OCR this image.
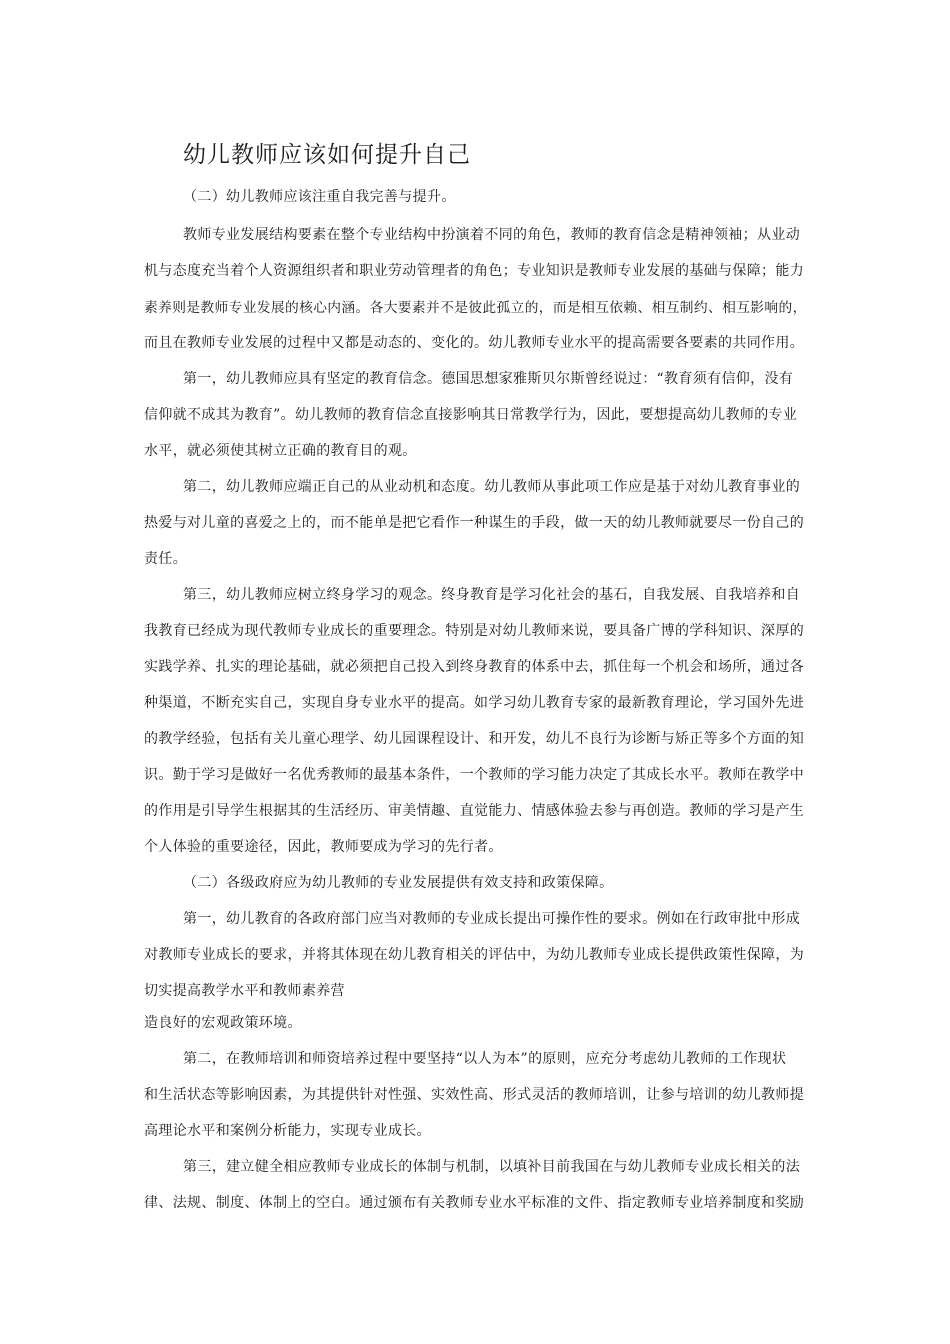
幼儿教师应该如何提升自己

（二）幼儿教师应该注重自我完善与提升。

教师专业发展结构要素在整个专业结构中扮演着不同的角色，教师的教育信念是精神领袖；从业动

机与态度充当着个人资源组织者和职业劳动管理者的角色；专业知识是教师专业发展的基础与保障；能力

素养则是教师专业发展的核心内涵。各大要素并不是彼此孤立的，而是相互依赖、相互制约、相互影响的，

而且在教师专业发展的过程中又都是动态的、变化的。幼儿教师专业水平的提高需要各要素的共同作用。

第一，幼儿教师应具有坚定的教育信念。德国思想家雅斯贝尔斯曾经说过：“教育须有信仰，没有

信仰就不成其为教育”。幼儿教师的教育信念直接影响其日常教学行为，因此，要想提高幼儿教师的专业

水平，就必须使其树立正确的教育目的观。

第二，幼儿教师应端正自己的从业动机和态度。幼儿教师从事此项工作应是基于对幼儿教育事业的

热爱与对儿童的喜爱之上的，而不能单是把它看作一种谋生的手段，做一天的幼儿教师就要尽一份自己的

责任。

第三，幼儿教师应树立终身学习的观念。终身教育是学习化社会的基石，自我发展、自我培养和自

我教育已经成为现代教师专业成长的重要理念。特别是对幼儿教师来说，要具备广博的学科知识、深厚的

实践学养、扎实的理论基础，就必须把自己投入到终身教育的体系中去，抓住每一个机会和场所，通过各

种渠道，不断充实自己，实现自身专业水平的提高。如学习幼儿教育专家的最新教育理论，学习国外先进

的教学经验，包括有关儿童心理学、幼儿园课程设计、和开发，幼儿不良行为诊断与矫正等多个方面的知

识。勤于学习是做好一名优秀教师的最基本条件，一个教师的学习能力决定了其成长水平。教师在教学中

的作用是引导学生根据其的生活经历、审美情趣、直觉能力、情感体验去参与再创造。教师的学习是产生

个人体验的重要途径，因此，教师要成为学习的先行者。

（二）各级政府应为幼儿教师的专业发展提供有效支持和政策保障。

第一，幼儿教育的各政府部门应当对教师的专业成长提出可操作性的要求。例如在行政审批中形成

对教师专业成长的要求，并将其体现在幼儿教育相关的评估中，为幼儿教师专业成长提供政策性保障，为

切实提高教学水平和教师素养营

造良好的宏观政策环境。

第二，在教师培训和师资培养过程中要坚持“以人为本”的原则，应充分考虑幼儿教师的工作现状

和生活状态等影响因素，为其提供针对性强、实效性高、形式灵活的教师培训，让参与培训的幼儿教师提

高理论水平和案例分析能力，实现专业成长。

第三，建立健全相应教师专业成长的体制与机制，以填补目前我国在与幼儿教师专业成长相关的法

律、法规、制度、体制上的空白。通过颁布有关教师专业水平标准的文件、指定教师专业培养制度和奖励
